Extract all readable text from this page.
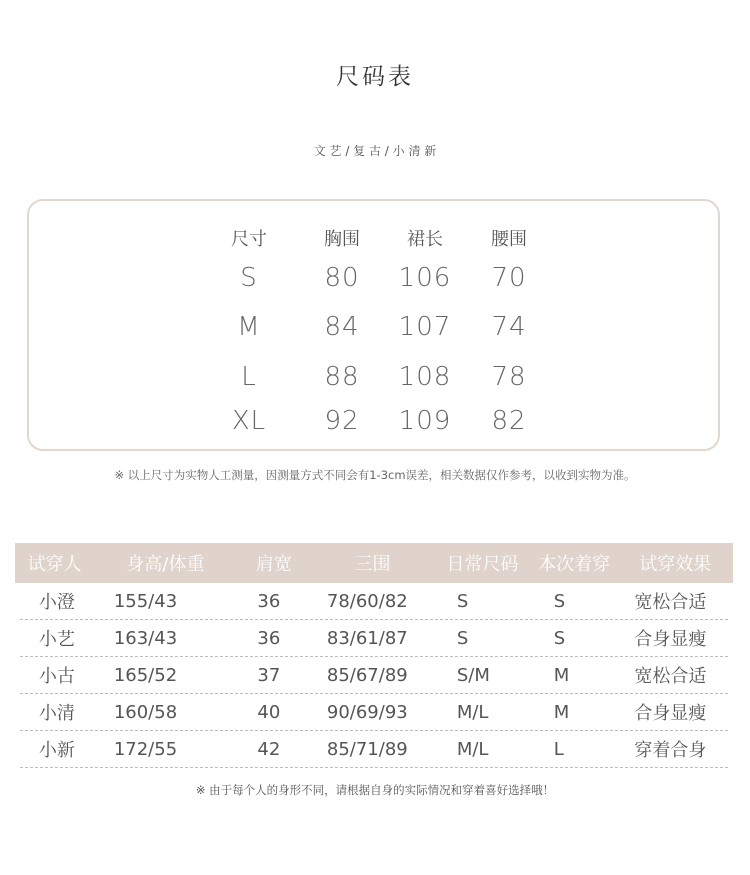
尺码表
文 艺 / 复 古 / 小 清 新
尺寸	胸围	裙长	腰围
S	80	106	70
M	84	107	74
L	88	108	78
XL	92	109	82
※ 以上尺寸为实物人工测量，因测量方式不同会有1-3cm误差，相关数据仅作参考，以收到实物为准。
试穿人	身高/体重	肩宽	三围	日常尺码	本次着穿	试穿效果
小澄	155/43	36	78/60/82	S	S	宽松合适
小艺	163/43	36	83/61/87	S	S	合身显瘦
小古	165/52	37	85/67/89	S/M	M	宽松合适
小清	160/58	40	90/69/93	M/L	M	合身显瘦
小新	172/55	42	85/71/89	M/L	L	穿着合身
※ 由于每个人的身形不同，请根据自身的实际情况和穿着喜好选择哦！
